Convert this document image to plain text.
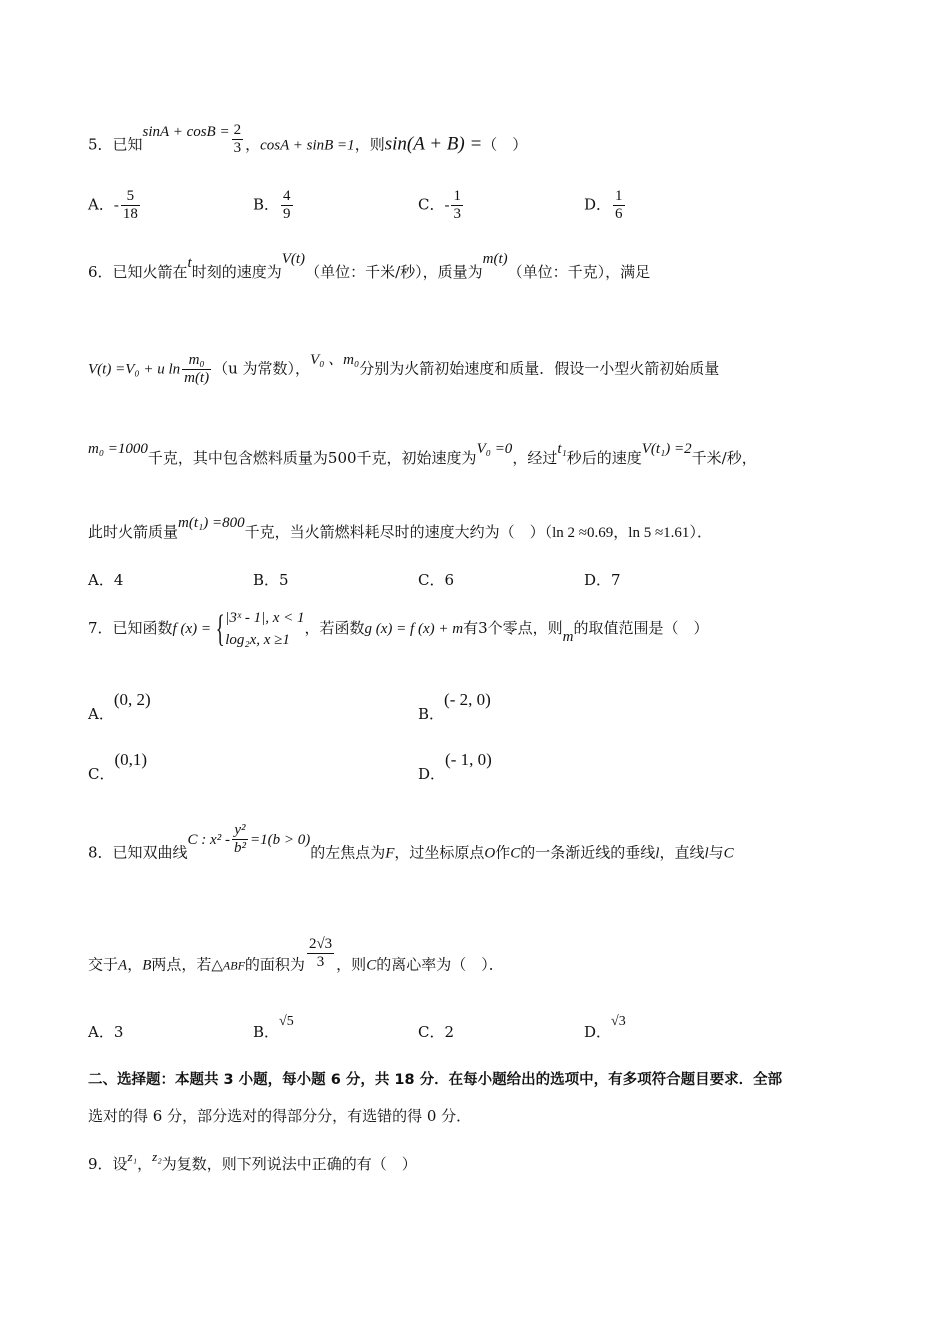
5．已知$\sin A + \cos B = \frac{2}{3}$ ，cosA + sinB =1，则sin(A + B) =（　）
A．- $\frac{5}{18}$	B． $\frac{4}{9}$	C．- $\frac{1}{3}$	D． $\frac{1}{6}$
6．已知火箭在t时刻的速度为V(t)（单位：千米/秒），质量为m(t)（单位：千克），满足
V(t) =V₀ + u $\ln \frac{\text{m₀}}{m(t)} (u$ 为常数），V₀ 、m₀分别为火箭初始速度和质量．假设一小型火箭初始质量
m₀ =1000千克，其中包含燃料质量为500千克，初始速度为V₀ =0，经过t₁秒后的速度V(t₁) =2千米/秒，
此时火箭质量m(t₁) =800千克，当火箭燃料耗尽时的速度大约为（　）（ln 2 ≈0.69，ln 5 ≈1.61）．
A．4	B．5	C．6	D．7
7．已知函数f (x) = { |3ˣ - 1|, x < 1
log₂x, x ≥1
，若函数g (x) = f (x) + m有3个零点，则m的取值范围是（　）
A．(0, 2)
B．(- 2, 0)
C．(0,1)
D．(- 1, 0)
8．已知双曲线C : $x^2 - \frac{\text{y²}}{\text{b²}} =1(b > 0)$的左焦点为F，过坐标原点O作C的一条渐近线的垂线l，直线l与C
交于A，B两点，若△ABF的面积为 $\frac{2√3}{3}$ ，则C的离心率为（　）．
A．3	B．√5
C．2	D．√3
二、选择题：本题共 3 小题，每小题 6 分，共 18 分．在每小题给出的选项中，有多项符合题目要求．全部
选对的得 6 分，部分选对的得部分分，有选错的得 0 分．
9．设z₁，z₂为复数，则下列说法中正确的有（　）
